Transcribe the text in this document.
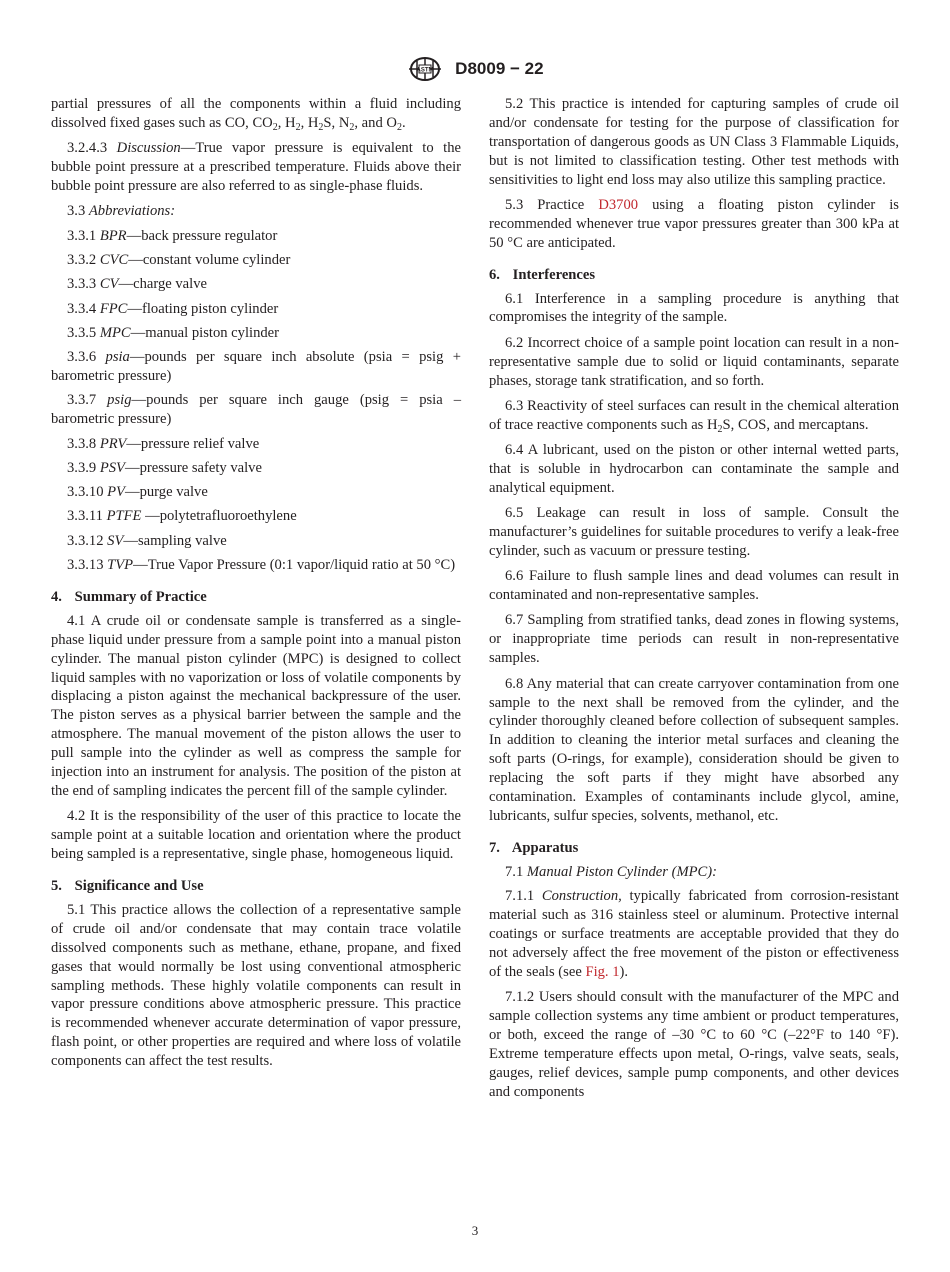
ASTM D8009 − 22

partial pressures of all the components within a fluid including dissolved fixed gases such as CO, $CO_2$, $H_2$, $H_2S$, $N_2$, and $O_2$.

3.2.4.3 Discussion—True vapor pressure is equivalent to the bubble point pressure at a prescribed temperature. Fluids above their bubble point pressure are also referred to as single-phase fluids.

3.3 Abbreviations:

3.3.1 BPR—back pressure regulator

3.3.2 CVC—constant volume cylinder

3.3.3 CV—charge valve

3.3.4 FPC—floating piston cylinder

3.3.5 MPC—manual piston cylinder

3.3.6 psia—pounds per square inch absolute (psia = psig + barometric pressure)

3.3.7 psig—pounds per square inch gauge (psig = psia – barometric pressure)

3.3.8 PRV—pressure relief valve

3.3.9 PSV—pressure safety valve

3.3.10 PV—purge valve

3.3.11 PTFE —polytetrafluoroethylene

3.3.12 SV—sampling valve

3.3.13 TVP—True Vapor Pressure (0:1 vapor/liquid ratio at 50 °C)

4. Summary of Practice

4.1 A crude oil or condensate sample is transferred as a single-phase liquid under pressure from a sample point into a manual piston cylinder. The manual piston cylinder (MPC) is designed to collect liquid samples with no vaporization or loss of volatile components by displacing a piston against the mechanical backpressure of the user. The piston serves as a physical barrier between the sample and the atmosphere. The manual movement of the piston allows the user to pull sample into the cylinder as well as compress the sample for injection into an instrument for analysis. The position of the piston at the end of sampling indicates the percent fill of the sample cylinder.

4.2 It is the responsibility of the user of this practice to locate the sample point at a suitable location and orientation where the product being sampled is a representative, single phase, homogeneous liquid.

5. Significance and Use

5.1 This practice allows the collection of a representative sample of crude oil and/or condensate that may contain trace volatile dissolved components such as methane, ethane, propane, and fixed gases that would normally be lost using conventional atmospheric sampling methods. These highly volatile components can result in vapor pressure conditions above atmospheric pressure. This practice is recommended whenever accurate determination of vapor pressure, flash point, or other properties are required and where loss of volatile components can affect the test results.

5.2 This practice is intended for capturing samples of crude oil and/or condensate for testing for the purpose of classification for transportation of dangerous goods as UN Class 3 Flammable Liquids, but is not limited to classification testing. Other test methods with sensitivities to light end loss may also utilize this sampling practice.

5.3 Practice D3700 using a floating piston cylinder is recommended whenever true vapor pressures greater than 300 kPa at 50 °C are anticipated.

6. Interferences

6.1 Interference in a sampling procedure is anything that compromises the integrity of the sample.

6.2 Incorrect choice of a sample point location can result in a non-representative sample due to solid or liquid contaminants, separate phases, storage tank stratification, and so forth.

6.3 Reactivity of steel surfaces can result in the chemical alteration of trace reactive components such as $H_2S$, COS, and mercaptans.

6.4 A lubricant, used on the piston or other internal wetted parts, that is soluble in hydrocarbon can contaminate the sample and analytical equipment.

6.5 Leakage can result in loss of sample. Consult the manufacturer’s guidelines for suitable procedures to verify a leak-free cylinder, such as vacuum or pressure testing.

6.6 Failure to flush sample lines and dead volumes can result in contaminated and non-representative samples.

6.7 Sampling from stratified tanks, dead zones in flowing systems, or inappropriate time periods can result in non-representative samples.

6.8 Any material that can create carryover contamination from one sample to the next shall be removed from the cylinder, and the cylinder thoroughly cleaned before collection of subsequent samples. In addition to cleaning the interior metal surfaces and cleaning the soft parts (O-rings, for example), consideration should be given to replacing the soft parts if they might have absorbed any contamination. Examples of contaminants include glycol, amine, lubricants, sulfur species, solvents, methanol, etc.

7. Apparatus

7.1 Manual Piston Cylinder (MPC):

7.1.1 Construction, typically fabricated from corrosion-resistant material such as 316 stainless steel or aluminum. Protective internal coatings or surface treatments are acceptable provided that they do not adversely affect the free movement of the piston or effectiveness of the seals (see Fig. 1).

7.1.2 Users should consult with the manufacturer of the MPC and sample collection systems any time ambient or product temperatures, or both, exceed the range of –30 °C to 60 °C (–22°F to 140 °F). Extreme temperature effects upon metal, O-rings, valve seats, seals, gauges, relief devices, sample pump components, and other devices and components

3
